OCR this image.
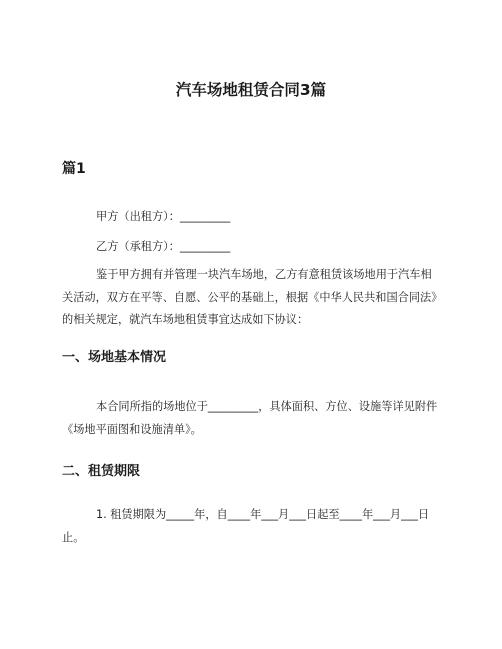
汽车场地租赁合同3篇
篇1

甲方（出租方）：_________

乙方（承租方）：_________

鉴于甲方拥有并管理一块汽车场地，乙方有意租赁该场地用于汽车相关活动，双方在平等、自愿、公平的基础上，根据《中华人民共和国合同法》的相关规定，就汽车场地租赁事宜达成如下协议：

一、场地基本情况

本合同所指的场地位于_________，具体面积、方位、设施等详见附件《场地平面图和设施清单》。

二、租赁期限

1. 租赁期限为_____年，自____年___月___日起至____年___月___日止。
